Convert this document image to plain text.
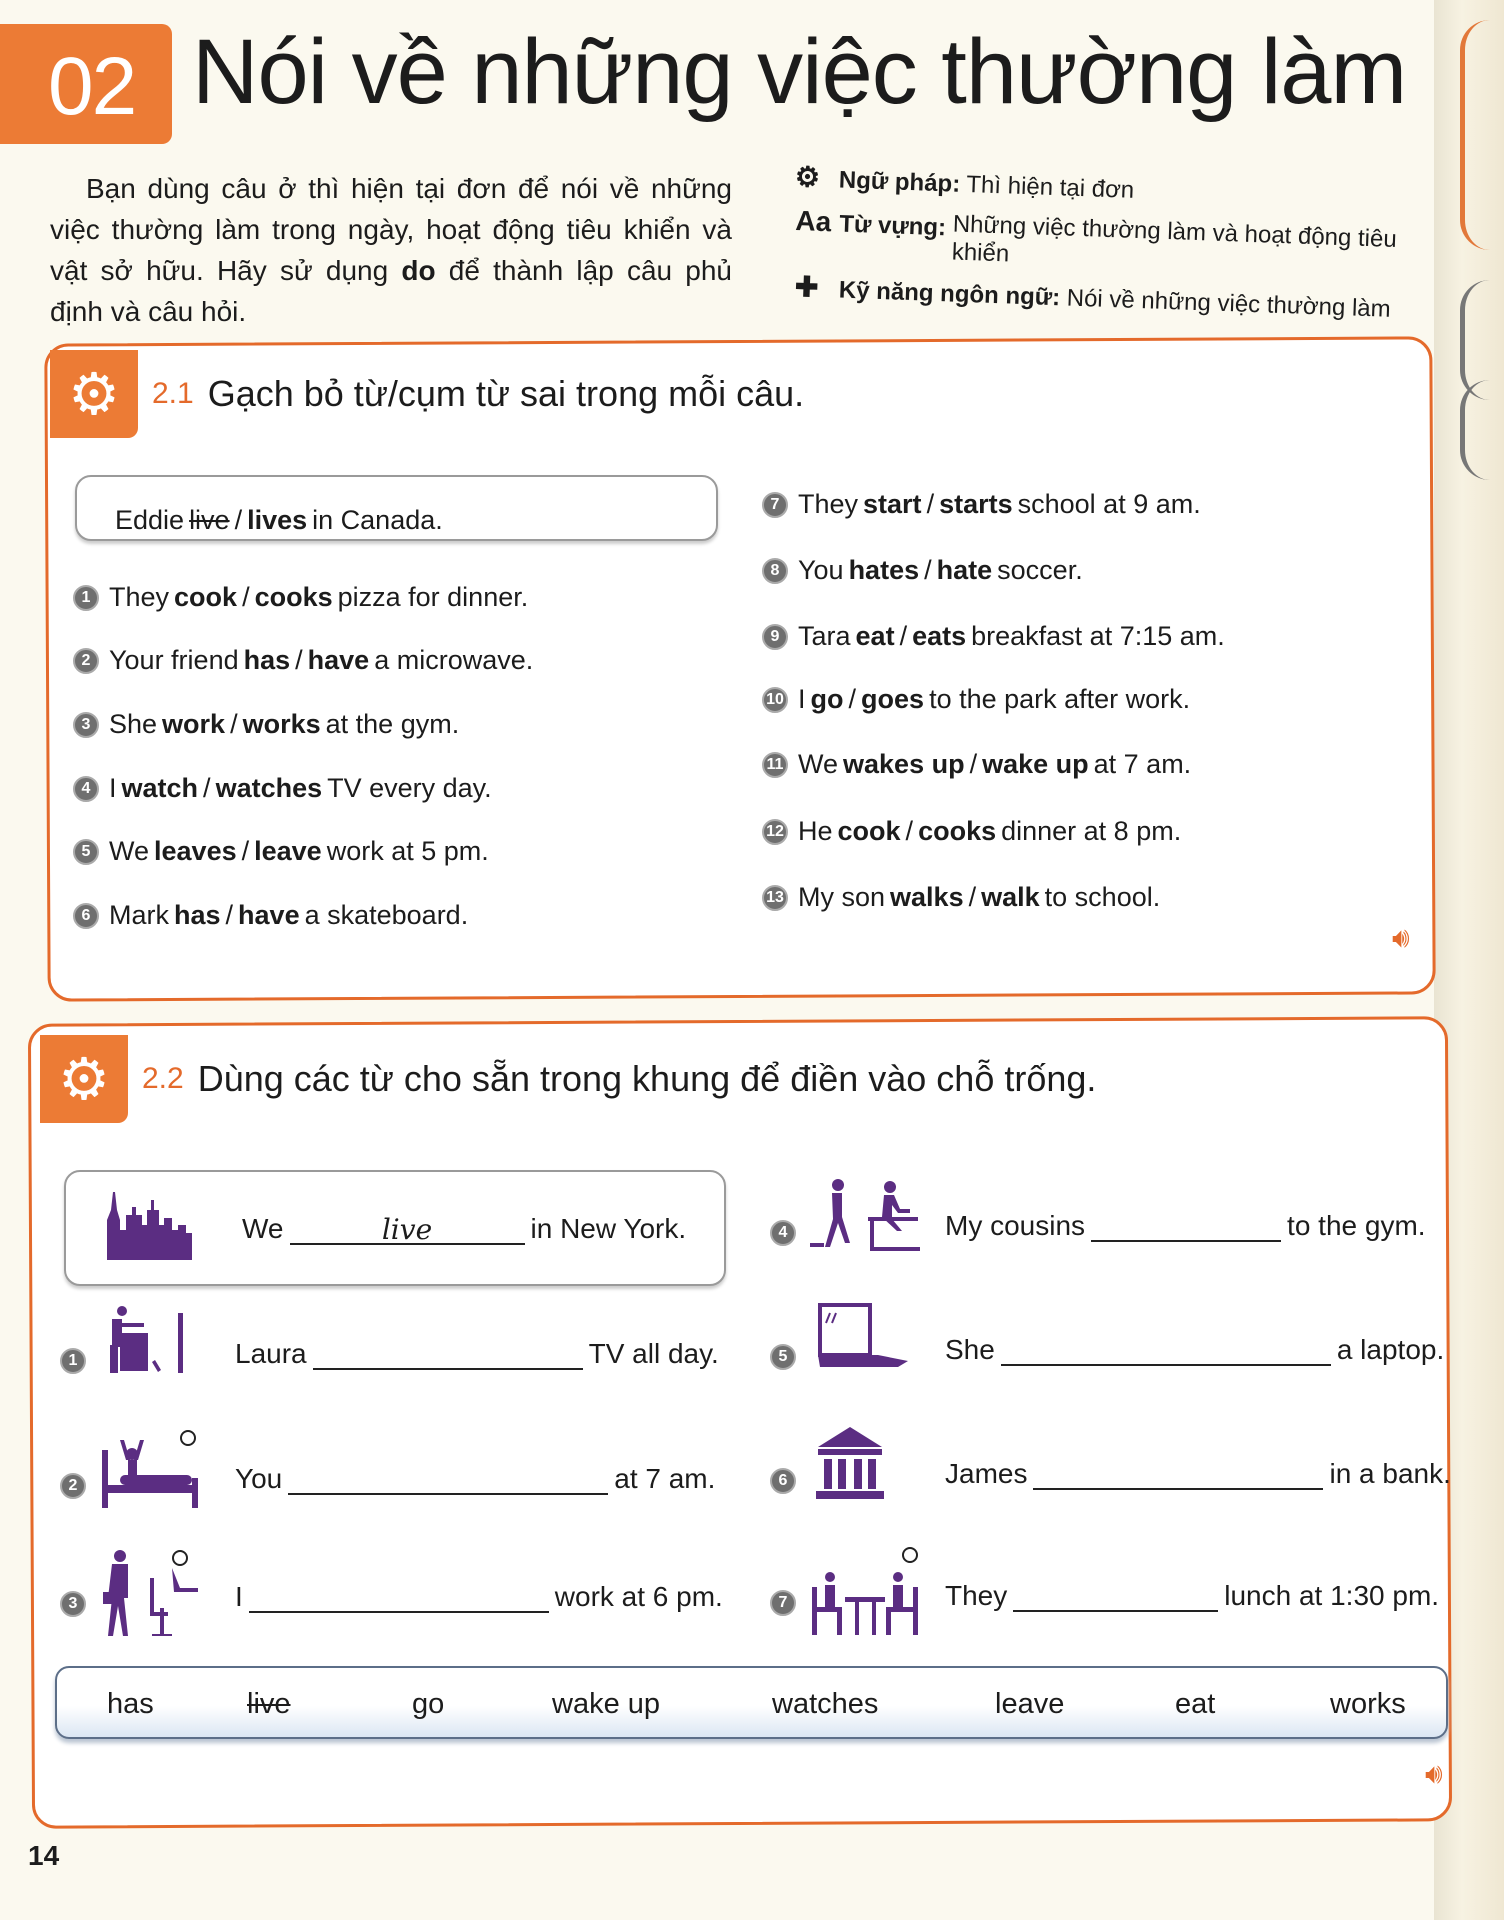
02 Nói về những việc thường làm

Bạn dùng câu ở thì hiện tại đơn để nói về những việc thường làm trong ngày, hoạt động tiêu khiển và vật sở hữu. Hãy sử dụng do để thành lập câu phủ định và câu hỏi.

⚙ Ngữ pháp: Thì hiện tại đơn
Aa Từ vựng: Những việc thường làm và hoạt động tiêu khiển
✚ Kỹ năng ngôn ngữ: Nói về những việc thường làm
⚙	2.1 Gạch bỏ từ/cụm từ sai trong mỗi câu.
Eddie live / lives in Canada.
1 They cook / cooks pizza for dinner.
2 Your friend has / have a microwave.
3 She work / works at the gym.
4 I watch / watches TV every day.
5 We leaves / leave work at 5 pm.
6 Mark has / have a skateboard.
7 They start / starts school at 9 am.
8 You hates / hate soccer.
9 Tara eat / eats breakfast at 7:15 am.
10 I go / goes to the park after work.
11 We wakes up / wake up at 7 am.
12 He cook / cooks dinner at 8 pm.
13 My son walks / walk to school.
🔊︎
⚙	2.2 Dùng các từ cho sẵn trong khung để điền vào chỗ trống.
We	live	in New York.
1	Laura	TV all day.
2	You	at 7 am.
3	I	work at 6 pm.
4	My cousins	to the gym.
5	She	a laptop.
6	James	in a bank.
7	They	lunch at 1:30 pm.
has	live	go	wake up	watches	leave	eat	works
🔊︎
14
